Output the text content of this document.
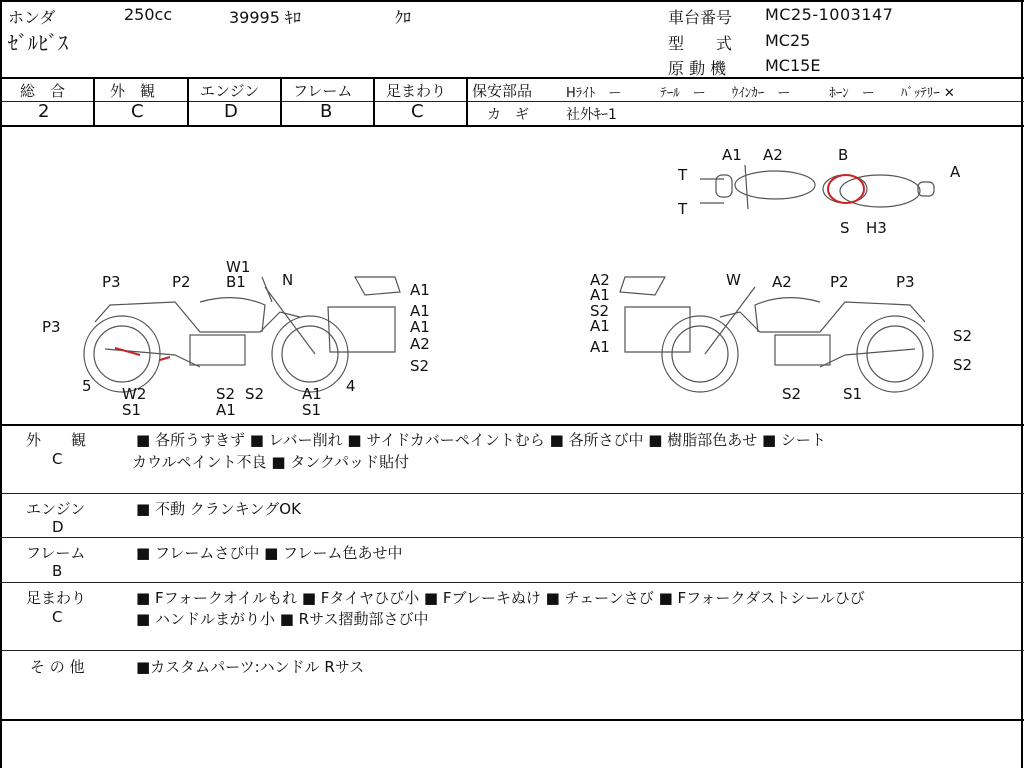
ホンダ	250cc	39995 ｷﾛ	ｸﾛ
ｾﾞﾙﾋﾞｽ
車台番号 MC25-1003147
型　　式 MC25
原 動 機 MC15E
総　合	外　観	エンジン フレーム 足まわり
2	C	D	B	C
保安部品	Hﾗｲﾄ　ー　　　ﾃｰﾙ　ー　　ｳｲﾝｶｰ　ー　　　ﾎｰﾝ　ー　　ﾊﾞｯﾃﾘｰ ✕
カ　ギ	社外ｷｰ1
A1 A2	B
T
T
A
S H3
W1
B1 N
P3	P2
P3
A1
A1
A1
A2
S2
5 W2
S1
S2
A1
S2	A1
S1
4
A2
A1
S2
A1
A1
W A2	P2	P3
S2
S2
S2	S1
外　　観
C
■ 各所うすきず ■ レバー削れ ■ サイドカバーペイントむら ■ 各所さび中 ■ 樹脂部色あせ ■ シート
カウルペイント不良 ■ タンクパッド貼付
エンジン
D
■ 不動 クランキングOK
フレーム
B
■ フレームさび中 ■ フレーム色あせ中
足まわり
C
■ Fフォークオイルもれ ■ Fタイヤひび小 ■ Fブレーキぬけ ■ チェーンさび ■ Fフォークダストシールひび
■ ハンドルまがり小 ■ Rサス摺動部さび中
そ の 他	■カスタムパーツ:ハンドル Rサス
